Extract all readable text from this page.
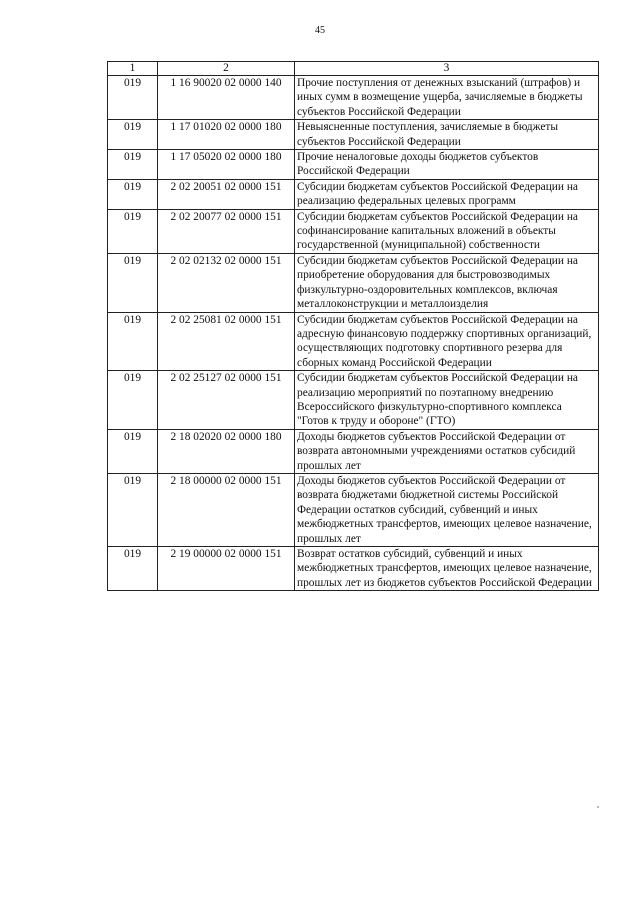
45
1	2	3
019	1 16 90020 02 0000 140	Прочие поступления от денежных взысканий (штрафов) и иных сумм в возмещение ущерба, зачисляемые в бюджеты субъектов Российской Федерации
019	1 17 01020 02 0000 180	Невыясненные поступления, зачисляемые в бюджеты субъектов Российской Федерации
019	1 17 05020 02 0000 180	Прочие неналоговые доходы бюджетов субъектов Российской Федерации
019	2 02 20051 02 0000 151	Субсидии бюджетам субъектов Российской Федерации на реализацию федеральных целевых программ
019	2 02 20077 02 0000 151	Субсидии бюджетам субъектов Российской Федерации на софинансирование капитальных вложений в объекты государственной (муниципальной) собственности
019	2 02 02132 02 0000 151	Субсидии бюджетам субъектов Российской Федерации на приобретение оборудования для быстровозводимых физкультурно-оздоровительных комплексов, включая металлоконструкции и металлоизделия
019	2 02 25081 02 0000 151	Субсидии бюджетам субъектов Российской Федерации на адресную финансовую поддержку спортивных организаций, осуществляющих подготовку спортивного резерва для сборных команд Российской Федерации
019	2 02 25127 02 0000 151	Субсидии бюджетам субъектов Российской Федерации на реализацию мероприятий по поэтапному внедрению Всероссийского физкультурно-спортивного комплекса "Готов к труду и обороне" (ГТО)
019	2 18 02020 02 0000 180	Доходы бюджетов субъектов Российской Федерации от возврата автономными учреждениями остатков субсидий прошлых лет
019	2 18 00000 02 0000 151	Доходы бюджетов субъектов Российской Федерации от возврата бюджетами бюджетной системы Российской Федерации остатков субсидий, субвенций и иных межбюджетных трансфертов, имеющих целевое назначение, прошлых лет
019	2 19 00000 02 0000 151	Возврат остатков субсидий, субвенций и иных межбюджетных трансфертов, имеющих целевое назначение, прошлых лет из бюджетов субъектов Российской Федерации
